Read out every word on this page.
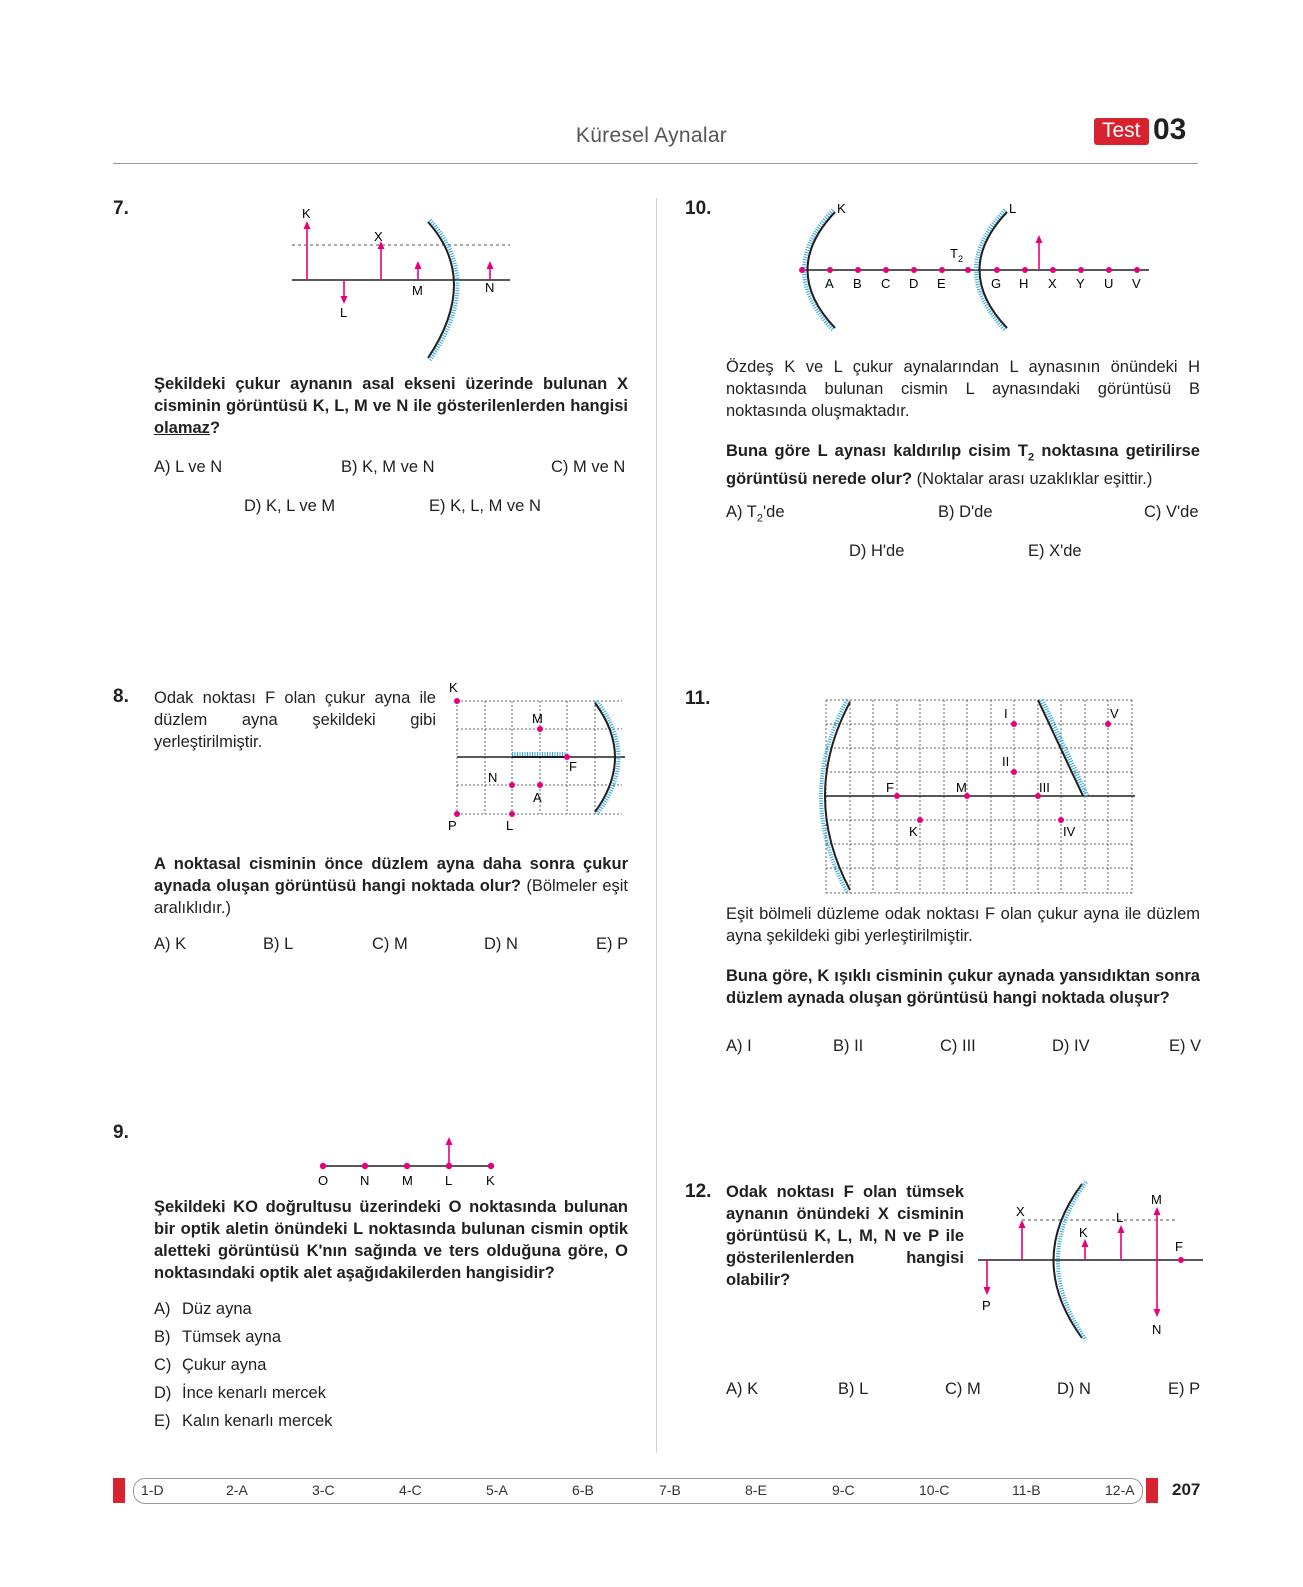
Küresel Aynalar	Test 03
7.	K
X
M	N
L
Şekildeki çukur aynanın asal ekseni üzerinde bulunan X cisminin görüntüsü K, L, M ve N ile gösterilenlerden hangisi olamaz?
A) L ve N	B) K, M ve N	C) M ve N
D) K, L ve M	E) K, L, M ve N
8. Odak noktası F olan çukur ayna ile düzlem ayna şekildeki gibi yerleştirilmiştir.
K
M
F
N
A
P	L
A noktasal cisminin önce düzlem ayna daha sonra çukur aynada oluşan görüntüsü hangi noktada olur? (Bölmeler eşit aralıklıdır.)
A) K	B) L	C) M	D) N	E) P
9.
O N	M L	K
Şekildeki KO doğrultusu üzerindeki O noktasında bulunan bir optik aletin önündeki L noktasında bulunan cismin optik aletteki görüntüsü K'nın sağında ve ters olduğuna göre, O noktasındaki optik alet aşağıdakilerden hangisidir?
A) Düz ayna
B) Tümsek ayna
C) Çukur ayna
D) İnce kenarlı mercek
E) Kalın kenarlı mercek
10.	K	L
$T_2$
A B C D E	G H X Y U V
Özdeş K ve L çukur aynalarından L aynasının önündeki H noktasında bulunan cismin L aynasındaki görüntüsü B noktasında oluşmaktadır.
Buna göre L aynası kaldırılıp cisim $T_2$ noktasına getirilirse görüntüsü nerede olur? (Noktalar arası uzaklıklar eşittir.)
A) $T_2'de$	B) D'de	C) V'de
D) H'de	E) X'de
11.
I	V
II
F	M	III
K	IV
Eşit bölmeli düzleme odak noktası F olan çukur ayna ile düzlem ayna şekildeki gibi yerleştirilmiştir.
Buna göre, K ışıklı cisminin çukur aynada yansıdıktan sonra düzlem aynada oluşan görüntüsü hangi noktada oluşur?
A) I	B) II	C) III	D) IV	E) V
12. Odak noktası F olan tümsek aynanın önündeki X cisminin görüntüsü K, L, M, N ve P ile gösterilenlerden hangisi olabilir?
X
K
L
M
F
P
N
A) K	B) L	C) M	D) N	E) P
1-D	2-A	3-C	4-C	5-A	6-B	7-B	8-E	9-C	10-C	11-B	12-A 207
